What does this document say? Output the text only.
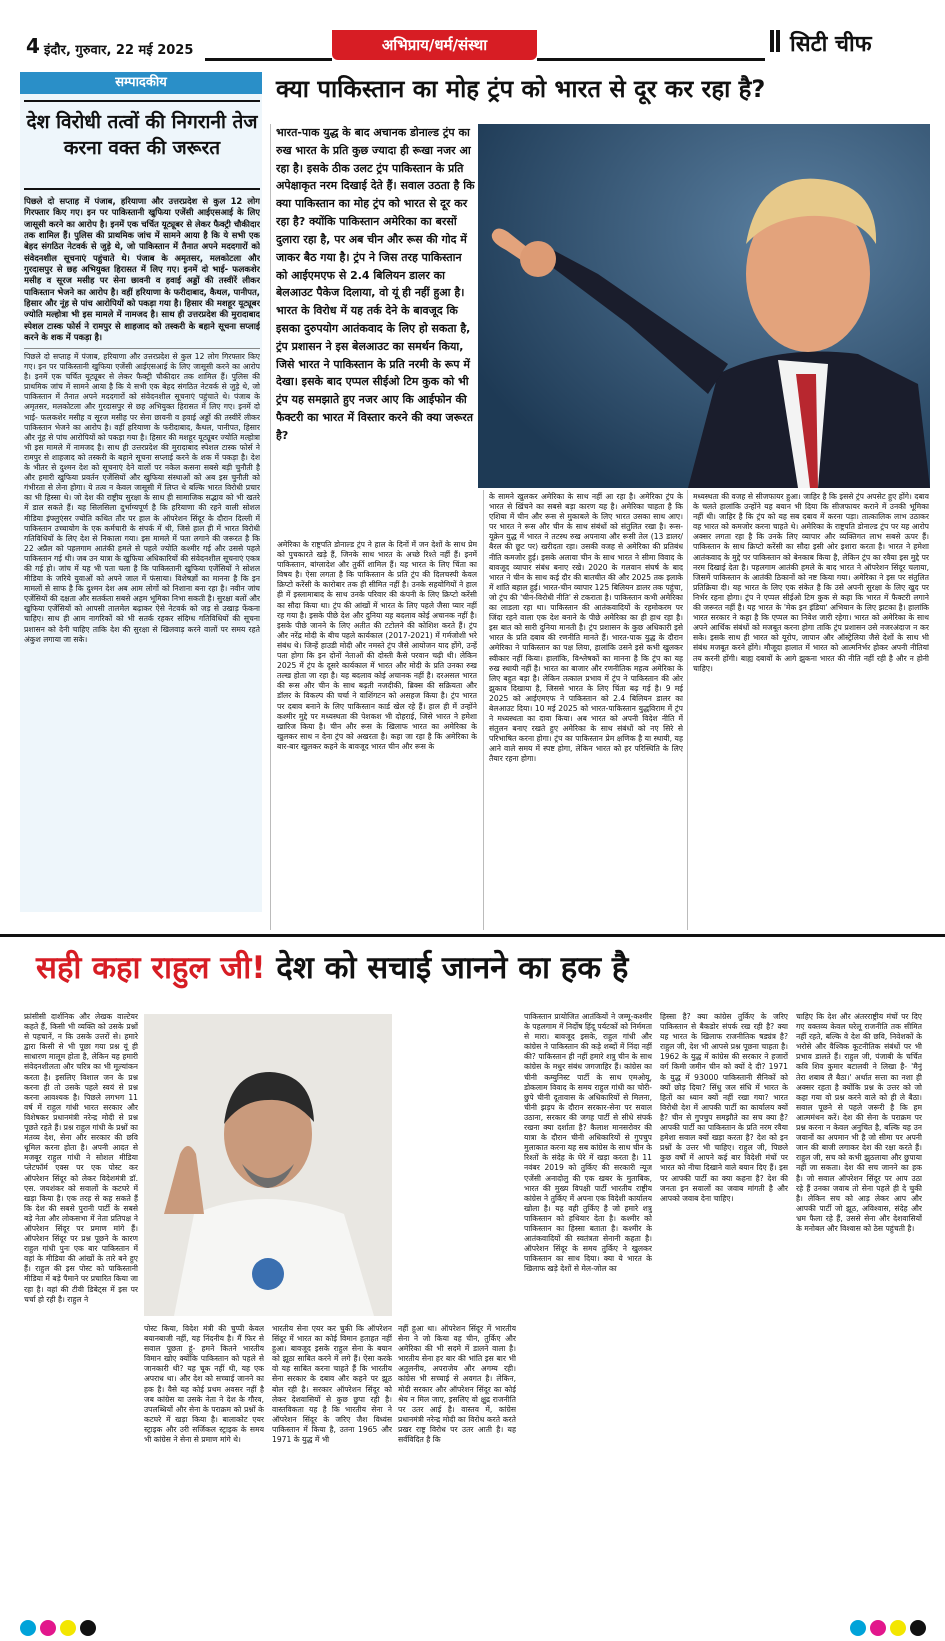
4 इंदौर, गुरुवार, 22 मई 2025	अभिप्राय/धर्म/संस्था	सिटी चीफ
सम्पादकीय
देश विरोधी तत्वों की निगरानी तेज करना वक्त की जरूरत
पिछले दो सप्ताह में पंजाब, हरियाणा और उत्तरप्रदेश से कुल 12 लोग गिरफ्तार किए गए। इन पर पाकिस्तानी खुफिया एजेंसी आईएसआई के लिए जासूसी करने का आरोप है। इनमें एक चर्चित यूट्यूबर से लेकर फैक्ट्री चौकीदार तक शामिल हैं। पुलिस की प्राथमिक जांच में सामने आया है कि ये सभी एक बेहद संगठित नेटवर्क से जुड़े थे, जो पाकिस्तान में तैनात अपने मददगारों को संवेदनशील सूचनाएं पहुंचाते थे। पंजाब के अमृतसर, मलकोटला और गुरदासपुर से छह अभियुक्त हिरासत में लिए गए। इनमें दो भाई- फलकशेर मसीह व सूरज मसीह पर सेना छावनी व हवाई अड्डों की तस्वीरें लीकर पाकिस्तान भेजने का आरोप है। वहीं हरियाणा के फरीदाबाद, कैथल, पानीपत, हिसार और नूंह से पांच आरोपियों को पकड़ा गया है। हिसार की मशहूर यूट्यूबर ज्योति मल्होत्रा भी इस मामले में नामजद है। साथ ही उत्तरप्रदेश की मुरादाबाद स्पेशल टास्क फोर्स ने रामपुर से शाहजाद को तस्करी के बहाने सूचना सप्लाई करने के शक में पकड़ा है।
पिछले दो सप्ताह में पंजाब, हरियाणा और उत्तरप्रदेश से कुल 12 लोग गिरफ्तार किए गए। इन पर पाकिस्तानी खुफिया एजेंसी आईएसआई के लिए जासूसी करने का आरोप है। इनमें एक चर्चित यूट्यूबर से लेकर फैक्ट्री चौकीदार तक शामिल हैं। पुलिस की प्राथमिक जांच में सामने आया है कि ये सभी एक बेहद संगठित नेटवर्क से जुड़े थे, जो पाकिस्तान में तैनात अपने मददगारों को संवेदनशील सूचनाएं पहुंचाते थे। पंजाब के अमृतसर, मलकोटला और गुरदासपुर से छह अभियुक्त हिरासत में लिए गए। इनमें दो भाई- फलकशेर मसीह व सूरज मसीह पर सेना छावनी व हवाई अड्डों की तस्वीरें लीकर पाकिस्तान भेजने का आरोप है। वहीं हरियाणा के फरीदाबाद, कैथल, पानीपत, हिसार और नूंह से पांच आरोपियों को पकड़ा गया है। हिसार की मशहूर यूट्यूबर ज्योति मल्होत्रा भी इस मामले में नामजद है। साथ ही उत्तरप्रदेश की मुरादाबाद स्पेशल टास्क फोर्स ने रामपुर से शाहजाद को तस्करी के बहाने सूचना सप्लाई करने के शक में पकड़ा है। देश के भीतर से दुश्मन देश को सूचनाएं देने वालों पर नकेल कसना सबसे बड़ी चुनौती है और हमारी खुफिया प्रवर्तन एजेंसियों और खुफिया संस्थाओं को अब इस चुनौती को गंभीरता से लेना होगा। ये तत्व न केवल जासूसी में लिप्त थे बल्कि भारत विरोधी प्रचार का भी हिस्सा थे। जो देश की राष्ट्रीय सुरक्षा के साथ ही सामाजिक सद्भाव को भी खतरे में डाल सकते हैं। यह सिलसिला दुर्भाग्यपूर्ण है कि हरियाणा की रहने वाली सोशल मीडिया इंफ्लुएंसर ज्योति कथित तौर पर हाल के ऑपरेशन सिंदूर के दौरान दिल्ली में पाकिस्तान उच्चायोग के एक कर्मचारी के संपर्क में थी, जिसे हाल ही में भारत विरोधी गतिविधियों के लिए देश से निकाला गया। इस मामले में पता लगाने की जरूरत है कि 22 अप्रैल को पहलगाम आतंकी हमले से पहले ज्योति कश्मीर गई और उससे पहले पाकिस्तान गई थी। जब उन यात्रा के खुफिया अधिकारियों की संवेदनशील सूचनाएं एकत्र की गई हो। जांच में यह भी पता चला है कि पाकिस्तानी खुफिया एजेंसियों ने सोशल मीडिया के जरिये युवाओं को अपने जाल में फंसाया। विशेषज्ञों का मानना है कि इन मामलों से साफ है कि दुश्मन देश अब आम लोगों को निशाना बना रहा है। नवीन जांच एजेंसियों की दक्षता और सतर्कता सबसे अहम भूमिका निभा सकती है। सुरक्षा बलों और खुफिया एजेंसियों को आपसी तालमेल बढ़ाकर ऐसे नेटवर्क को जड़ से उखाड़ फेंकना चाहिए। साथ ही आम नागरिकों को भी सतर्क रहकर संदिग्ध गतिविधियों की सूचना प्रशासन को देनी चाहिए ताकि देश की सुरक्षा से खिलवाड़ करने वालों पर समय रहते अंकुश लगाया जा सके।
क्या पाकिस्तान का मोह ट्रंप को भारत से दूर कर रहा है?
भारत-पाक युद्ध के बाद अचानक डोनाल्ड ट्रंप का रुख भारत के प्रति कुछ ज्यादा ही रूखा नजर आ रहा है। इसके ठीक उलट ट्रंप पाकिस्तान के प्रति अपेक्षाकृत नरम दिखाई देते हैं। सवाल उठता है कि क्या पाकिस्तान का मोह ट्रंप को भारत से दूर कर रहा है? क्योंकि पाकिस्तान अमेरिका का बरसों दुलारा रहा है, पर अब चीन और रूस की गोद में जाकर बैठ गया है। ट्रंप ने जिस तरह पाकिस्तान को आईएमएफ से 2.4 बिलियन डालर का बेलआउट पैकेज दिलाया, वो यूं ही नहीं हुआ है। भारत के विरोध में यह तर्क देने के बावजूद कि इसका दुरुपयोग आतंकवाद के लिए हो सकता है, ट्रंप प्रशासन ने इस बेलआउट का समर्थन किया, जिसे भारत ने पाकिस्तान के प्रति नरमी के रूप में देखा। इसके बाद एप्पल सीईओ टिम कुक को भी ट्रंप यह समझाते हुए नजर आए कि आईफोन की फैक्टरी का भारत में विस्तार करने की क्या जरूरत है?
अमेरिका के राष्ट्रपति डोनाल्ड ट्रंप ने हाल के दिनों में जन देशों के साथ प्रेम को पुचकारते खड़े हैं, जिनके साथ भारत के अच्छे रिश्ते नहीं हैं। इनमें पाकिस्तान, बांग्लादेश और तुर्की शामिल हैं। यह भारत के लिए चिंता का विषय है। ऐसा लगता है कि पाकिस्तान के प्रति ट्रंप की दिलचस्पी केवल क्रिप्टो करेंसी के कारोबार तक ही सीमित नहीं है। उनके सहयोगियों ने हाल ही में इस्लामाबाद के साथ उनके परिवार की कंपनी के लिए क्रिप्टो करेंसी का सौदा किया था। ट्रंप की आंखों में भारत के लिए पहले जैसा प्यार नहीं रह गया है। इसके पीछे देश और दुनिया यह बदलाव कोई अचानक नहीं है। इसके पीछे जानने के लिए अतीत की टटोलने की कोशिश करते हैं। ट्रंप और नरेंद्र मोदी के बीच पहले कार्यकाल (2017-2021) में गर्मजोशी भरे संबंध थे। जिन्हें हाउडी मोदी और नमस्ते ट्रंप जैसे आयोजन याद होंगे, उन्हें पता होगा कि इन दोनों नेताओं की दोस्ती कैसे परवान चढ़ी थी। लेकिन 2025 में ट्रंप के दूसरे कार्यकाल में भारत और मोदी के प्रति उनका रुख तल्ख होता जा रहा है। यह बदलाव कोई अचानक नहीं है। दरअसल भारत की रूस और चीन के साथ बढ़ती नजदीकी, ब्रिक्स की सक्रियता और डॉलर के विकल्प की चर्चा ने वाशिंगटन को असहज किया है। ट्रंप भारत पर दबाव बनाने के लिए पाकिस्तान कार्ड खेल रहे हैं। हाल ही में उन्होंने कश्मीर मुद्दे पर मध्यस्थता की पेशकश भी दोहराई, जिसे भारत ने हमेशा खारिज किया है। चीन और रूस के खिलाफ भारत का अमेरिका के खुलकर साथ न देना ट्रंप को अखरता है। कहा जा रहा है कि अमेरिका के बार-बार खुलकर कहने के बावजूद भारत चीन और रूस के
के सामने खुलकर अमेरिका के साथ नहीं आ रहा है। अमेरिका ट्रंप के भारत से खिंचने का सबसे बड़ा कारण यह है। अमेरिका चाहता है कि एशिया में चीन और रूस से मुकाबले के लिए भारत उसका साथ आए। पर भारत ने रूस और चीन के साथ संबंधों को संतुलित रखा है। रूस-यूक्रेन युद्ध में भारत ने तटस्थ रुख अपनाया और रूसी तेल (13 डालर/बैरल की छूट पर) खरीदता रहा। उसकी वजह से अमेरिका की प्रतिबंध नीति कमजोर हुई। इसके अलावा चीन के साथ भारत ने सीमा विवाद के बावजूद व्यापार संबंध बनाए रखे। 2020 के गलवान संघर्ष के बाद भारत ने चीन के साथ कई दौर की बातचीत की और 2025 तक इलाके में शांति बहाल हुई। भारत-चीन व्यापार 125 बिलियन डालर तक पहुंचा, जो ट्रंप की 'चीन-विरोधी नीति' से टकराता है। पाकिस्तान कभी अमेरिका का लाडला रहा था। पाकिस्तान की आतंकवादियों के रहमोकरम पर जिंदा रहने वाला एक देश बनाने के पीछे अमेरिका का ही हाथ रहा है। इस बात को सारी दुनिया मानती है। ट्रंप प्रशासन के कुछ अधिकारी इसे भारत के प्रति दबाव की रणनीति मानते हैं। भारत-पाक युद्ध के दौरान अमेरिका ने पाकिस्तान का पक्ष लिया, हालांकि उसने इसे कभी खुलकर स्वीकार नहीं किया। हालांकि, विश्लेषकों का मानना है कि ट्रंप का यह रुख स्थायी नहीं है। भारत का बाजार और रणनीतिक महत्व अमेरिका के लिए बहुत बड़ा है। लेकिन तत्काल प्रभाव में ट्रंप ने पाकिस्तान की ओर झुकाव दिखाया है, जिससे भारत के लिए चिंता बढ़ गई है। 9 मई 2025 को आईएमएफ ने पाकिस्तान को 2.4 बिलियन डालर का बेलआउट दिया। 10 मई 2025 को भारत-पाकिस्तान युद्धविराम में ट्रंप ने मध्यस्थता का दावा किया। अब भारत को अपनी विदेश नीति में संतुलन बनाए रखते हुए अमेरिका के साथ संबंधों को नए सिरे से परिभाषित करना होगा। ट्रंप का पाकिस्तान प्रेम क्षणिक है या स्थायी, यह आने वाले समय में स्पष्ट होगा, लेकिन भारत को हर परिस्थिति के लिए तैयार रहना होगा।
मध्यस्थता की वजह से सीजफायर हुआ। जाहिर है कि इससे ट्रंप अपसेट हुए होंगे। दबाव के चलते हालांकि उन्होंने यह बयान भी दिया कि सीजफायर कराने में उनकी भूमिका नहीं थी। जाहिर है कि ट्रंप को यह सब दबाव में करना पड़ा। तात्कालिक लाभ उठाकर वह भारत को कमजोर करना चाहते थे। अमेरिका के राष्ट्रपति डोनाल्ड ट्रंप पर यह आरोप अक्सर लगता रहा है कि उनके लिए व्यापार और व्यक्तिगत लाभ सबसे ऊपर हैं। पाकिस्तान के साथ क्रिप्टो करेंसी का सौदा इसी ओर इशारा करता है। भारत ने हमेशा आतंकवाद के मुद्दे पर पाकिस्तान को बेनकाब किया है, लेकिन ट्रंप का रवैया इस मुद्दे पर नरम दिखाई देता है। पहलगाम आतंकी हमले के बाद भारत ने ऑपरेशन सिंदूर चलाया, जिसमें पाकिस्तान के आतंकी ठिकानों को नष्ट किया गया। अमेरिका ने इस पर संतुलित प्रतिक्रिया दी। यह भारत के लिए एक संकेत है कि उसे अपनी सुरक्षा के लिए खुद पर निर्भर रहना होगा। ट्रंप ने एप्पल सीईओ टिम कुक से कहा कि भारत में फैक्टरी लगाने की जरूरत नहीं है। यह भारत के 'मेक इन इंडिया' अभियान के लिए झटका है। हालांकि भारत सरकार ने कहा है कि एप्पल का निवेश जारी रहेगा। भारत को अमेरिका के साथ अपने आर्थिक संबंधों को मजबूत करना होगा ताकि ट्रंप प्रशासन उसे नजरअंदाज न कर सके। इसके साथ ही भारत को यूरोप, जापान और ऑस्ट्रेलिया जैसे देशों के साथ भी संबंध मजबूत करने होंगे। मौजूदा हालात में भारत को आत्मनिर्भर होकर अपनी नीतियां तय करनी होंगी। बाह्य दबावों के आगे झुकना भारत की नीति नहीं रही है और न होनी चाहिए।
सही कहा राहुल जी! देश को सचाई जानने का हक है
फ्रांसीसी दार्शनिक और लेखक वाल्टेयर कहते हैं, किसी भी व्यक्ति को उसके प्रश्नों से पहचानें, न कि उसके उत्तरों से। हमारे द्वारा किसी से भी पूछा गया प्रश्न यूं ही साधारण मालूम होता है, लेकिन यह हमारी संवेदनशीलता और चरित्र का भी मूल्यांकन करता है। इसलिए विशाल जन के प्रश्न करना ही तो उसके पहले स्वयं से प्रश्न करना आवश्यक है। पिछले लगभग 11 वर्ष में राहुल गांधी भारत सरकार और विशेषकर प्रधानमंत्री नरेन्द्र मोदी से प्रश्न पूछते रहते हैं। प्रश्न राहुल गांधी के प्रश्नों का मंतव्य देश, सेना और सरकार की छवि धूमिल करना होता है। अपनी आदत से मजबूर राहुल गांधी ने सोशल मीडिया प्लेटफॉर्म एक्स पर एक पोस्ट कर ऑपरेशन सिंदूर को लेकर विदेशमंत्री डॉ. एस. जयशंकर को सवालों के कटघरे में खड़ा किया है। एक तरह से कह सकते हैं कि देश की सबसे पुरानी पार्टी के सबसे बड़े नेता और लोकसभा में नेता प्रतिपक्ष ने ऑपरेशन सिंदूर पर प्रमाण मांगे हैं। ऑपरेशन सिंदूर पर प्रश्न पूछने के कारण राहुल गांधी पुनः एक बार पाकिस्तान में वहां के मीडिया की आंखों के तारे बने हुए हैं। राहुल की इस पोस्ट को पाकिस्तानी मीडिया में बड़े पैमाने पर प्रचारित किया जा रहा है। वहां की टीवी डिबेट्स में इस पर चर्चा हो रही है। राहुल ने
पोस्ट किया, विदेश मंत्री की चुप्पी केवल बयानबाजी नहीं, यह निंदनीय है। मैं फिर से सवाल पूछता हूं- हमने कितने भारतीय विमान खोए क्योंकि पाकिस्तान को पहले से जानकारी थी? यह चूक नहीं थी, यह एक अपराध था। और देश को सच्चाई जानने का हक है। वैसे यह कोई प्रथम अवसर नहीं है जब कांग्रेस या उसके नेता ने देश के गौरव, उपलब्धियों और सेना के पराक्रम को प्रश्नों के कटघरे में खड़ा किया है। बालाकोट एयर स्ट्राइक और उरी सर्जिकल स्ट्राइक के समय भी कांग्रेस ने सेना से प्रमाण मांगे थे।
भारतीय सेना एयर कर चुकी कि ऑपरेशन सिंदूर में भारत का कोई विमान हताहत नहीं हुआ। बावजूद इसके राहुल सेना के बयान को झूठा साबित करने में लगे हैं। ऐसा करके वो यह साबित करना चाहते हैं कि भारतीय सेना सरकार के दबाव और कहने पर झूठ बोल रही है। सरकार ऑपरेशन सिंदूर को लेकर देशवासियों से कुछ छुपा रही है। वास्तविकता यह है कि भारतीय सेना ने ऑपरेशन सिंदूर के जरिए जैश विध्वंस पाकिस्तान में किया है, उतना 1965 और 1971 के युद्ध में भी
नहीं हुआ था। ऑपरेशन सिंदूर में भारतीय सेना ने जो किया वह चीन, तुर्किए और अमेरिका की भी सदमे में डालने वाला है। भारतीय सेना हर बार की भांति इस बार भी अतुलनीय, अपराजेय और अगम्य रही। कांग्रेस भी सच्चाई से अवगत है। लेकिन, मोदी सरकार और ऑपरेशन सिंदूर का कोई श्रेय न मिल जाए, इसलिए वो क्षुद्र राजनीति पर उतर आई है। वास्तव में, कांग्रेस प्रधानमंत्री नरेन्द्र मोदी का विरोध करते करते प्रखर राष्ट्र विरोध पर उतर आती है। यह सर्वविदित है कि
पाकिस्तान प्रायोजित आतंकियों ने जम्मू-कश्मीर के पहलगाम में निर्दोष हिंदू पर्यटकों को निर्ममता से मारा। बावजूद इसके, राहुल गांधी और कांग्रेस ने पाकिस्तान की कड़े शब्दों में निंदा नहीं की? पाकिस्तान ही नहीं हमारे शत्रु चीन के साथ कांग्रेस के मधुर संबंध जगजाहिर हैं। कांग्रेस का चीनी कम्युनिस्ट पार्टी के साथ एमओयू, डोकलाम विवाद के समय राहुल गांधी का चोरी-छुपे चीनी दूतावास के अधिकारियों से मिलना, चीनी झड़प के दौरान सरकार-सेना पर सवाल उठाना, सरकार की जगह पार्टी से सीधे संपर्क रखना क्या दर्शाता है? कैलाश मानसरोवर की यात्रा के दौरान चीनी अधिकारियों से गुपचुप मुलाकात करना यह सब कांग्रेस के साथ चीन के रिश्तों के संदेह के घेरे में खड़ा करता है। 11 नवंबर 2019 को तुर्किए की सरकारी न्यूज एजेंसी अनादोलु की एक खबर के मुताबिक, भारत की मुख्य विपक्षी पार्टी भारतीय राष्ट्रीय कांग्रेस ने तुर्किए में अपना एक विदेशी कार्यालय खोला है। यह वही तुर्किए है जो हमारे शत्रु पाकिस्तान को हथियार देता है। कश्मीर को पाकिस्तान का हिस्सा बताता है। कश्मीर के आतंकवादियों की स्वतंत्रता सेनानी कहता है। ऑपरेशन सिंदूर के समय तुर्किए ने खुलकर पाकिस्तान का साथ दिया। क्या ये भारत के खिलाफ खड़े देशों से मेल-जोल का
हिस्सा है? क्या कांग्रेस तुर्किए के जरिए पाकिस्तान से बैकडोर संपर्क रख रही है? क्या यह भारत के खिलाफ राजनीतिक षड्यंत्र है? राहुल जी, देश भी आपसे प्रश्न पूछना चाहता है। 1962 के युद्ध में कांग्रेस की सरकार ने हजारों वर्ग किमी जमीन चीन को क्यों दे दी? 1971 के युद्ध में 93000 पाकिस्तानी सैनिकों को क्यों छोड़ दिया? सिंधु जल संधि में भारत के हितों का ध्यान क्यों नहीं रखा गया? भारत विरोधी देश में आपकी पार्टी का कार्यालय क्यों है? चीन से गुपचुप समझौते का सच क्या है? आपकी पार्टी का पाकिस्तान के प्रति नरम रवैया हमेशा सवाल क्यों खड़ा करता है? देश को इन प्रश्नों के उत्तर भी चाहिए। राहुल जी, पिछले कुछ वर्षों में आपने कई बार विदेशी मंचों पर भारत को नीचा दिखाने वाले बयान दिए हैं। इस पर आपकी पार्टी का क्या कहना है? देश की जनता इन सवालों का जवाब मांगती है और आपको जवाब देना चाहिए।
चाहिए कि देश और अंतरराष्ट्रीय मंचों पर दिए गए वक्तव्य केवल घरेलू राजनीति तक सीमित नहीं रहते, बल्कि वे देश की छवि, निवेशकों के भरोसे और वैश्विक कूटनीतिक संबंधों पर भी प्रभाव डालते हैं। राहुल जी, पंजाबी के चर्चित कवि शिव कुमार बटालवी ने लिखा है- 'मैनूं तेरा शबाब लै बैठा।' अर्थात सत्ता का नशा ही अक्सर रहता है क्योंकि प्रश्न के उत्तर को जो कहा गया वो प्रश्न करने वाले को ही ले बैठा। सवाल पूछने से पहले जरूरी है कि हम आत्ममंथन करें। देश की सेना के पराक्रम पर प्रश्न करना न केवल अनुचित है, बल्कि यह उन जवानों का अपमान भी है जो सीमा पर अपनी जान की बाजी लगाकर देश की रक्षा करते हैं। राहुल जी, सच को कभी झुठलाया और छुपाया नहीं जा सकता। देश की सच जानने का हक है। जो सवाल ऑपरेशन सिंदूर पर आप उठा रहे हैं उनका जवाब तो सेना पहले ही दे चुकी है। लेकिन सच को आड़ लेकर आप और आपकी पार्टी जो झूठ, अविश्वास, संदेह और भ्रम फैला रहे हैं, उससे सेना और देशवासियों के मनोबल और विश्वास को ठेस पहुंचती है।
